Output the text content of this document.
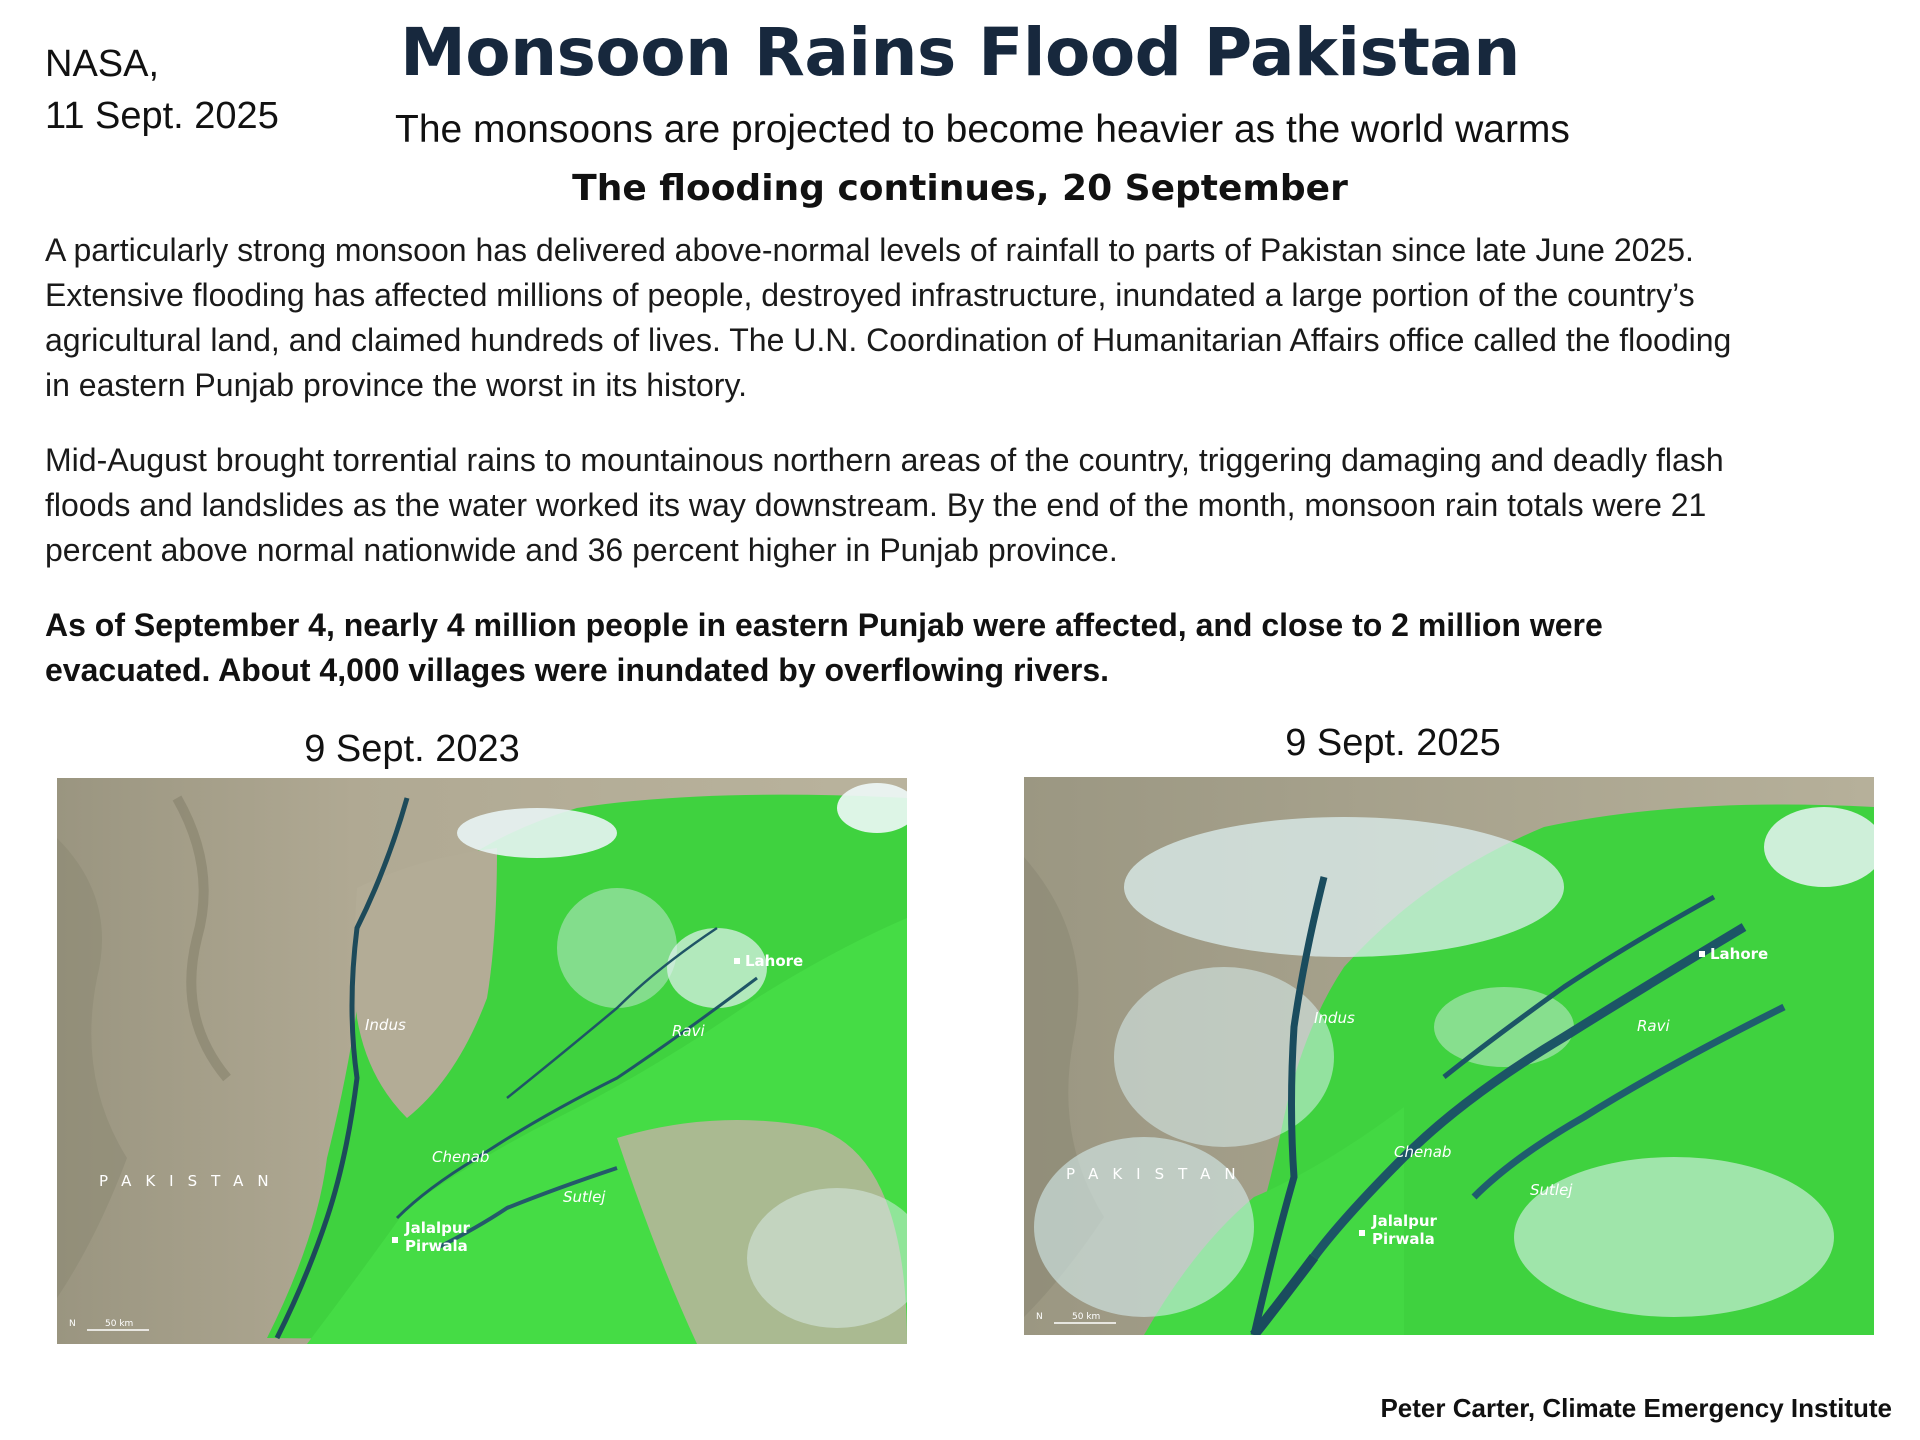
NASA,
11 Sept. 2025
Monsoon Rains Flood Pakistan
The monsoons are projected to become heavier as the world warms
The flooding continues, 20 September

A particularly strong monsoon has delivered above-normal levels of rainfall to parts of Pakistan since late June 2025. Extensive flooding has affected millions of people, destroyed infrastructure, inundated a large portion of the country’s agricultural land, and claimed hundreds of lives. The U.N. Coordination of Humanitarian Affairs office called the flooding in eastern Punjab province the worst in its history.

Mid-August brought torrential rains to mountainous northern areas of the country, triggering damaging and deadly flash floods and landslides as the water worked its way downstream. By the end of the month, monsoon rain totals were 21 percent above normal nationwide and 36 percent higher in Punjab province.

As of September 4, nearly 4 million people in eastern Punjab were affected, and close to 2 million were evacuated. About 4,000 villages were inundated by overflowing rivers.

9 Sept. 2023	9 Sept. 2025
Lahore
Indus	Ravi
Chenab
Sutlej
Jalalpur
Pirwala
PAKISTAN
N	50 km
Lahore
Indus	Ravi
Chenab
Sutlej
Jalalpur
Pirwala
PAKISTAN
N	50 km
Peter Carter, Climate Emergency Institute
